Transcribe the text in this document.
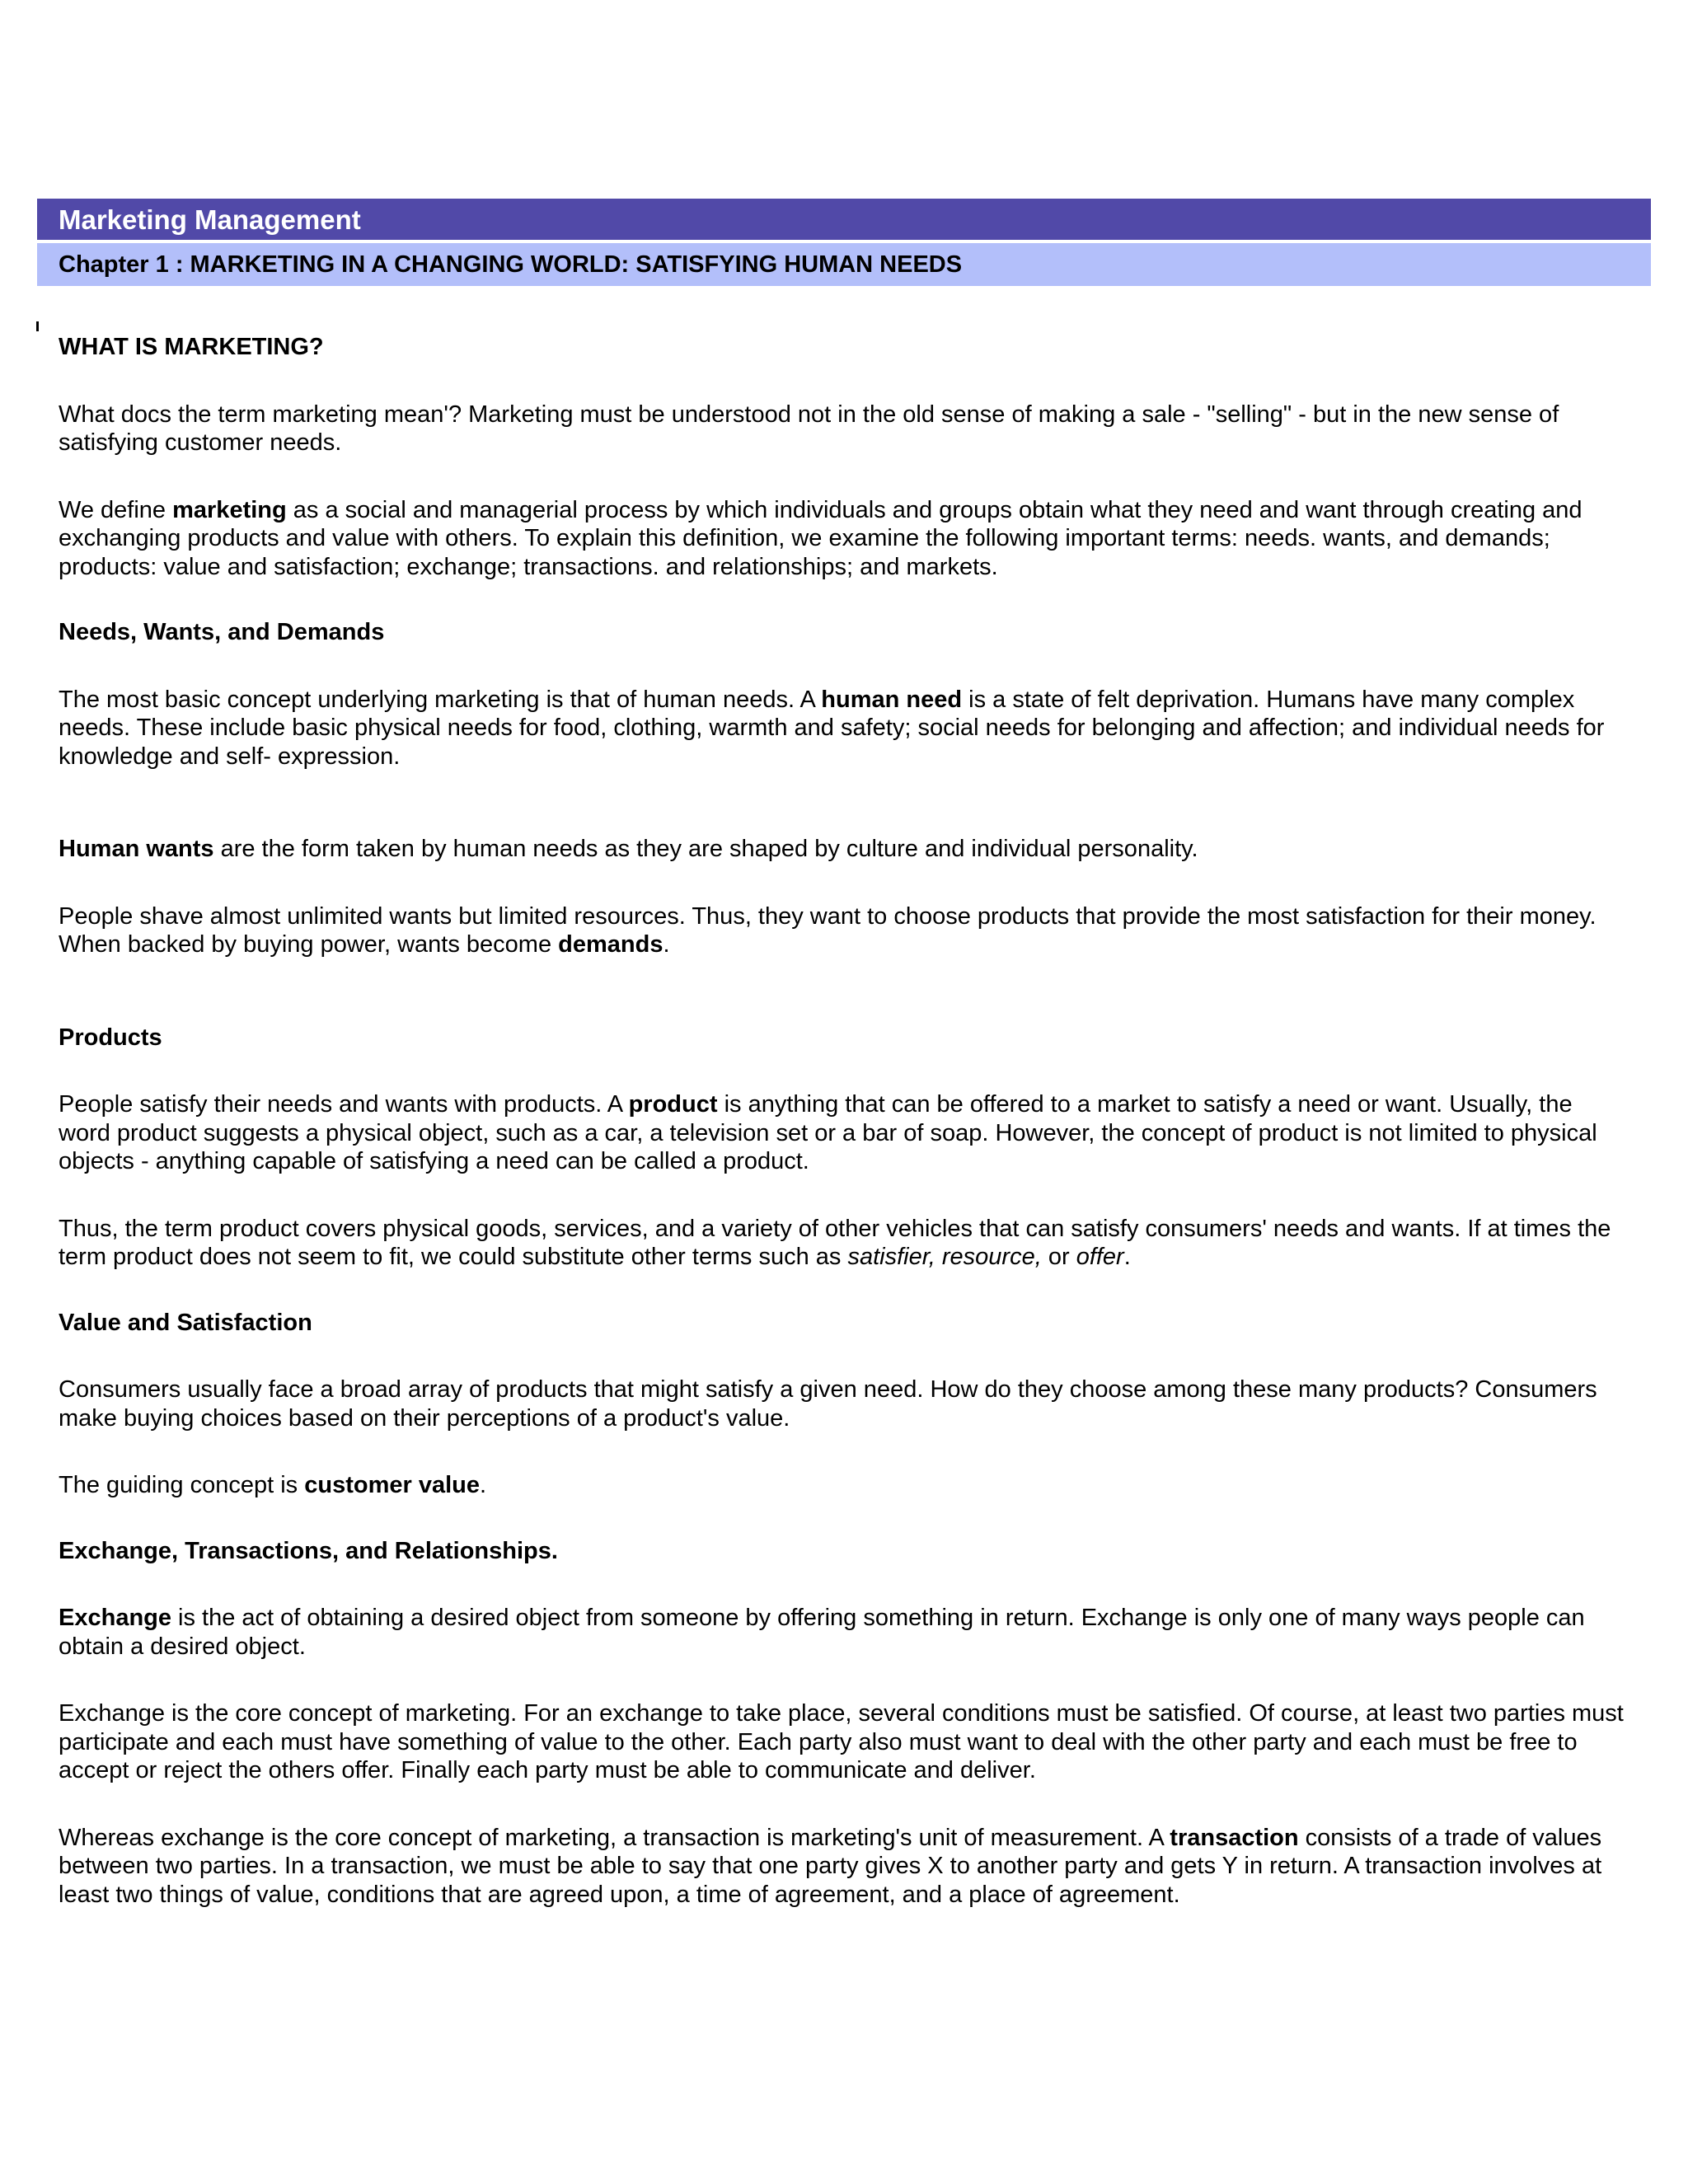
Marketing Management
Chapter 1 : MARKETING IN A CHANGING WORLD: SATISFYING HUMAN NEEDS

WHAT IS MARKETING?

What docs the term marketing mean'? Marketing must be understood not in the old sense of making a sale - "selling" - but in the new sense of satisfying customer needs.

We define marketing as a social and managerial process by which individuals and groups obtain what they need and want through creating and exchanging products and value with others. To explain this definition, we examine the following important terms: needs. wants, and demands; products: value and satisfaction; exchange; transactions. and relationships; and markets.

Needs, Wants, and Demands

The most basic concept underlying marketing is that of human needs. A human need is a state of felt deprivation. Humans have many complex needs. These include basic physical needs for food, clothing, warmth and safety; social needs for belonging and affection; and individual needs for knowledge and self- expression.

Human wants are the form taken by human needs as they are shaped by culture and individual personality.

People shave almost unlimited wants but limited resources. Thus, they want to choose products that provide the most satisfaction for their money. When backed by buying power, wants become demands.

Products

People satisfy their needs and wants with products. A product is anything that can be offered to a market to satisfy a need or want. Usually, the word product suggests a physical object, such as a car, a television set or a bar of soap. However, the concept of product is not limited to physical objects - anything capable of satisfying a need can be called a product.

Thus, the term product covers physical goods, services, and a variety of other vehicles that can satisfy consumers' needs and wants. If at times the term product does not seem to fit, we could substitute other terms such as satisfier, resource, or offer.

Value and Satisfaction

Consumers usually face a broad array of products that might satisfy a given need. How do they choose among these many products? Consumers make buying choices based on their perceptions of a product's value.

The guiding concept is customer value.

Exchange, Transactions, and Relationships.

Exchange is the act of obtaining a desired object from someone by offering something in return. Exchange is only one of many ways people can obtain a desired object.

Exchange is the core concept of marketing. For an exchange to take place, several conditions must be satisfied. Of course, at least two parties must participate and each must have something of value to the other. Each party also must want to deal with the other party and each must be free to accept or reject the others offer. Finally each party must be able to communicate and deliver.

Whereas exchange is the core concept of marketing, a transaction is marketing's unit of measurement. A transaction consists of a trade of values between two parties. In a transaction, we must be able to say that one party gives X to another party and gets Y in return. A transaction involves at least two things of value, conditions that are agreed upon, a time of agreement, and a place of agreement.
